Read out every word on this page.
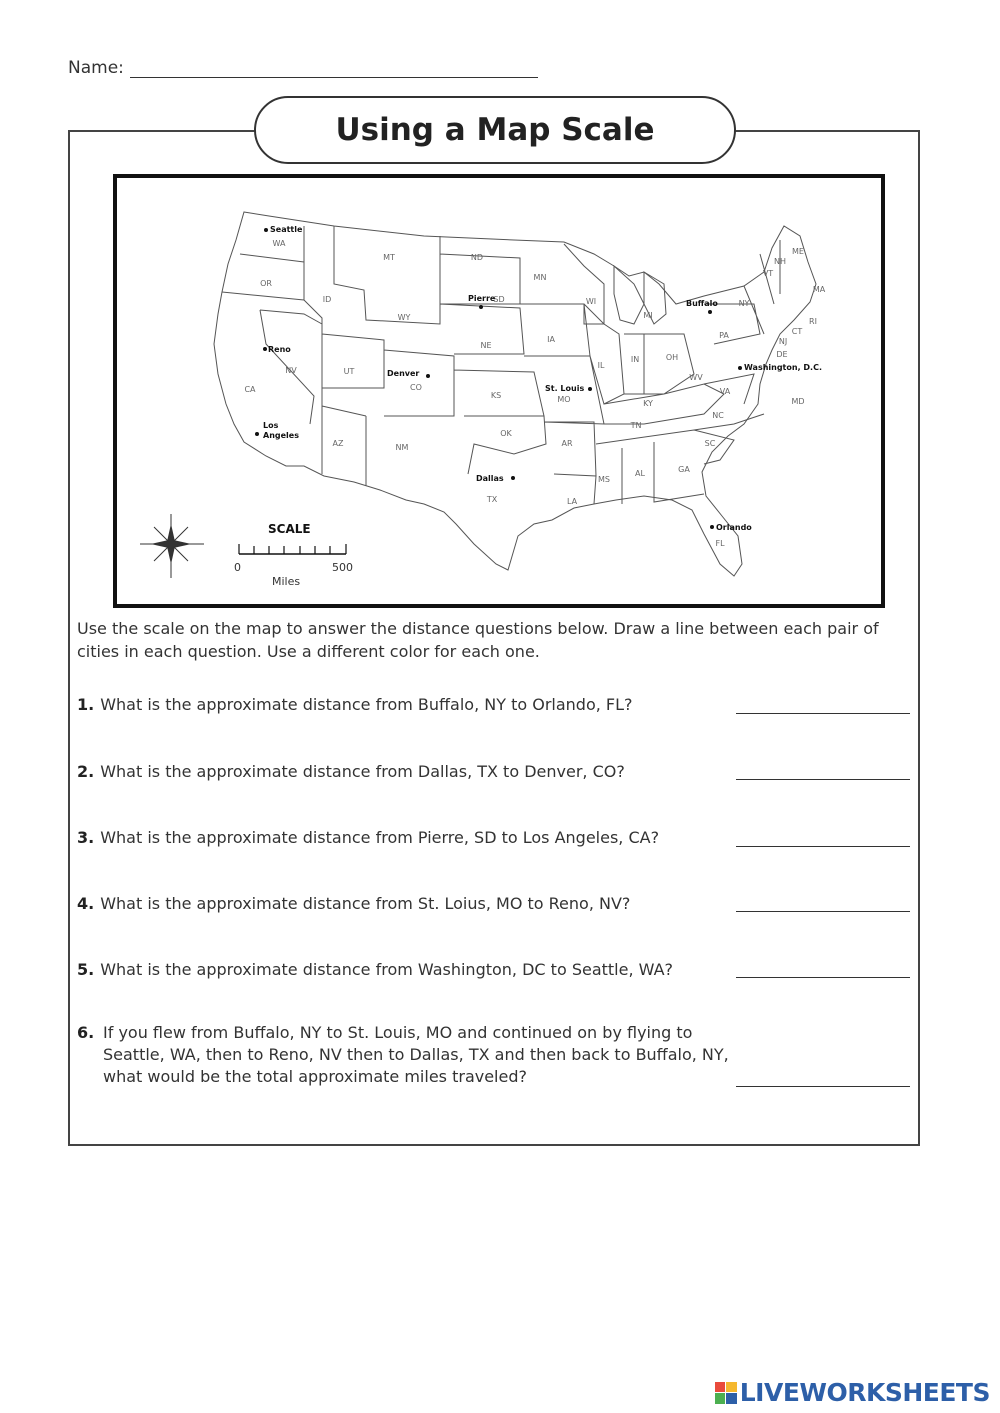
Name:
Using a Map Scale
WA
OR
CA
ID
NV
MT
WY
UT
AZ
CO
NM
ND
SD
NE
KS
OK
TX
MN
IA
MO
AR
LA
WI
IL
MI
IN	OH
KY
TN
MS
AL	GA
FL
SC
NC
VA
WV
PA
NY
VT
NH
ME
MA
CT
RI
NJ
DE
MD
Seattle
Reno
Los
Angeles
Denver
Pierre
Dallas
St. Louis
Buffalo
Washington, D.C.
Orlando
SCALE
0	500
Miles
Use the scale on the map to answer the distance questions below. Draw a line between each pair of cities in each question. Use a different color for each one.
1. What is the approximate distance from Buffalo, NY to Orlando, FL?
2. What is the approximate distance from Dallas, TX to Denver, CO?
3. What is the approximate distance from Pierre, SD to Los Angeles, CA?
4. What is the approximate distance from St. Loius, MO to Reno, NV?
5. What is the approximate distance from Washington, DC to Seattle, WA?
6. If you flew from Buffalo, NY to St. Louis, MO and continued on by flying to Seattle, WA, then to Reno, NV then to Dallas, TX and then back to Buffalo, NY, what would be the total approximate miles traveled?
LIVEWORKSHEETS
